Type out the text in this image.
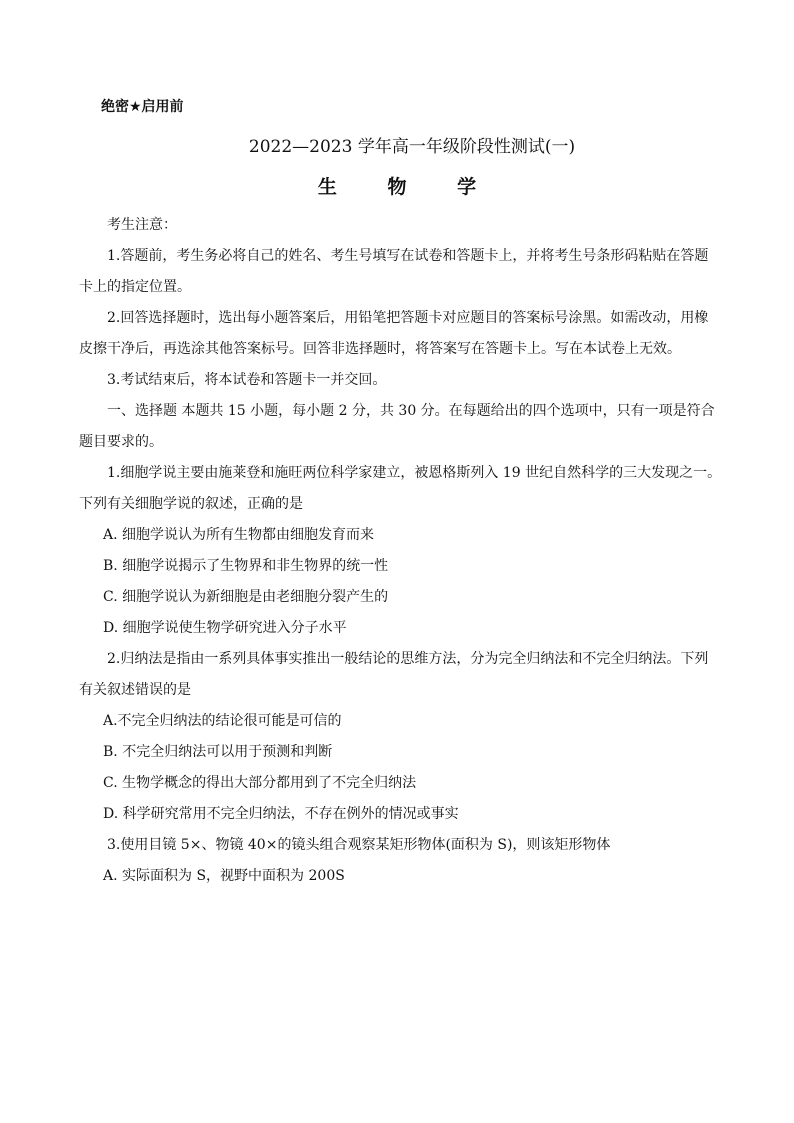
绝密★启用前
2022—2023 学年高一年级阶段性测试(一)
生 物 学

考生注意：

1.答题前，考生务必将自己的姓名、考生号填写在试卷和答题卡上，并将考生号条形码粘贴在答题卡上的指定位置。

2.回答选择题时，选出每小题答案后，用铅笔把答题卡对应题目的答案标号涂黑。如需改动，用橡皮擦干净后，再选涂其他答案标号。回答非选择题时，将答案写在答题卡上。写在本试卷上无效。

3.考试结束后，将本试卷和答题卡一并交回。

一、选择题 本题共 15 小题，每小题 2 分，共 30 分。在每题给出的四个选项中，只有一项是符合题目要求的。

1.细胞学说主要由施莱登和施旺两位科学家建立，被恩格斯列入 19 世纪自然科学的三大发现之一。下列有关细胞学说的叙述，正确的是

A. 细胞学说认为所有生物都由细胞发育而来

B. 细胞学说揭示了生物界和非生物界的统一性

C. 细胞学说认为新细胞是由老细胞分裂产生的

D. 细胞学说使生物学研究进入分子水平

2.归纳法是指由一系列具体事实推出一般结论的思维方法，分为完全归纳法和不完全归纳法。下列有关叙述错误的是

A.不完全归纳法的结论很可能是可信的

B. 不完全归纳法可以用于预测和判断

C. 生物学概念的得出大部分都用到了不完全归纳法

D. 科学研究常用不完全归纳法，不存在例外的情况或事实

3.使用目镜 5×、物镜 40×的镜头组合观察某矩形物体(面积为 S)，则该矩形物体

A. 实际面积为 S，视野中面积为 200S
